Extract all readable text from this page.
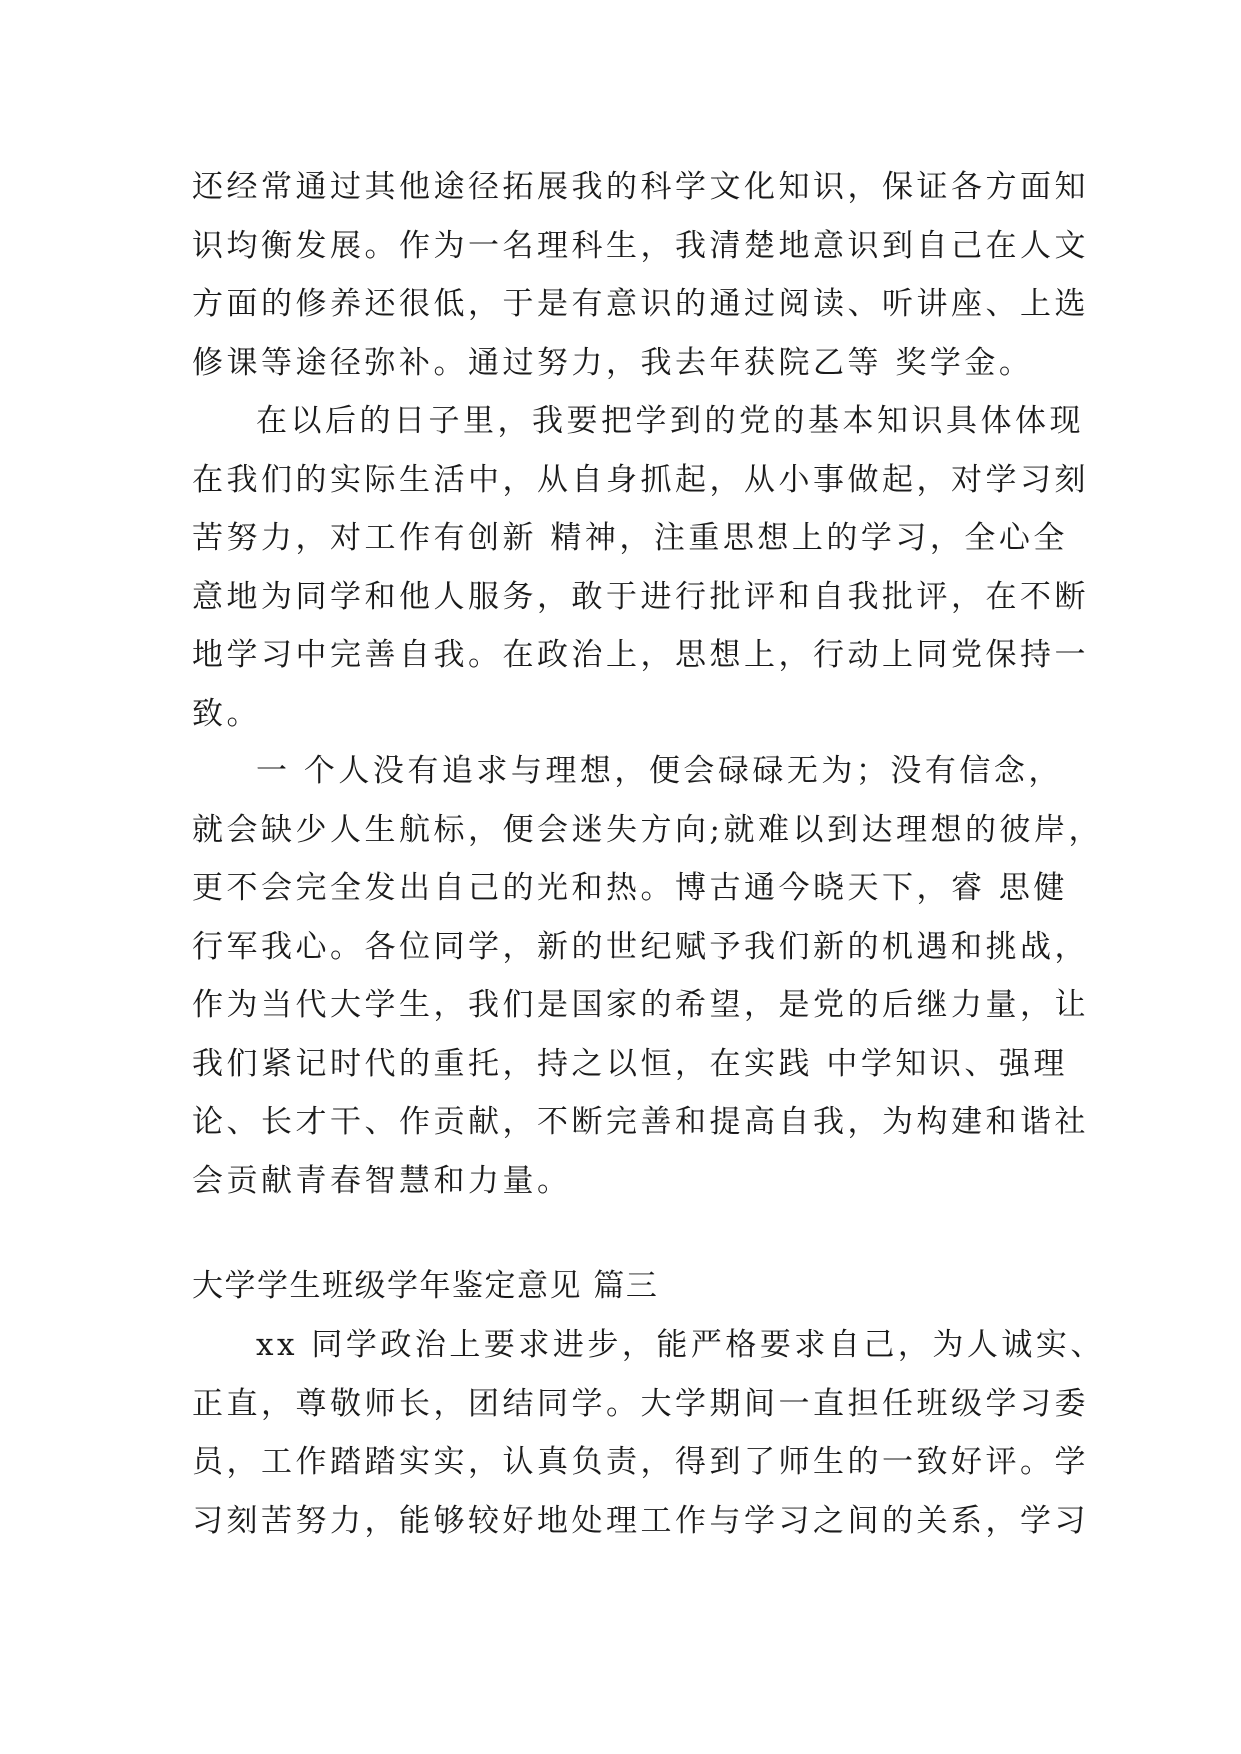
还经常通过其他途径拓展我的科学文化知识，保证各方面知
识均衡发展。作为一名理科生，我清楚地意识到自己在人文
方面的修养还很低，于是有意识的通过阅读、听讲座、上选
修课等途径弥补。通过努力，我去年获院乙等 奖学金。
在以后的日子里，我要把学到的党的基本知识具体体现
在我们的实际生活中，从自身抓起，从小事做起，对学习刻
苦努力，对工作有创新 精神，注重思想上的学习，全心全
意地为同学和他人服务，敢于进行批评和自我批评，在不断
地学习中完善自我。在政治上，思想上，行动上同党保持一
致。
一 个人没有追求与理想，便会碌碌无为；没有信念，
就会缺少人生航标，便会迷失方向;就难以到达理想的彼岸，
更不会完全发出自己的光和热。博古通今晓天下，睿 思健
行军我心。各位同学，新的世纪赋予我们新的机遇和挑战，
作为当代大学生，我们是国家的希望，是党的后继力量，让
我们紧记时代的重托，持之以恒，在实践 中学知识、强理
论、长才干、作贡献，不断完善和提高自我，为构建和谐社
会贡献青春智慧和力量。
大学学生班级学年鉴定意见 篇三
xx 同学政治上要求进步，能严格要求自己，为人诚实、
正直，尊敬师长，团结同学。大学期间一直担任班级学习委
员，工作踏踏实实，认真负责，得到了师生的一致好评。学
习刻苦努力，能够较好地处理工作与学习之间的关系，学习
